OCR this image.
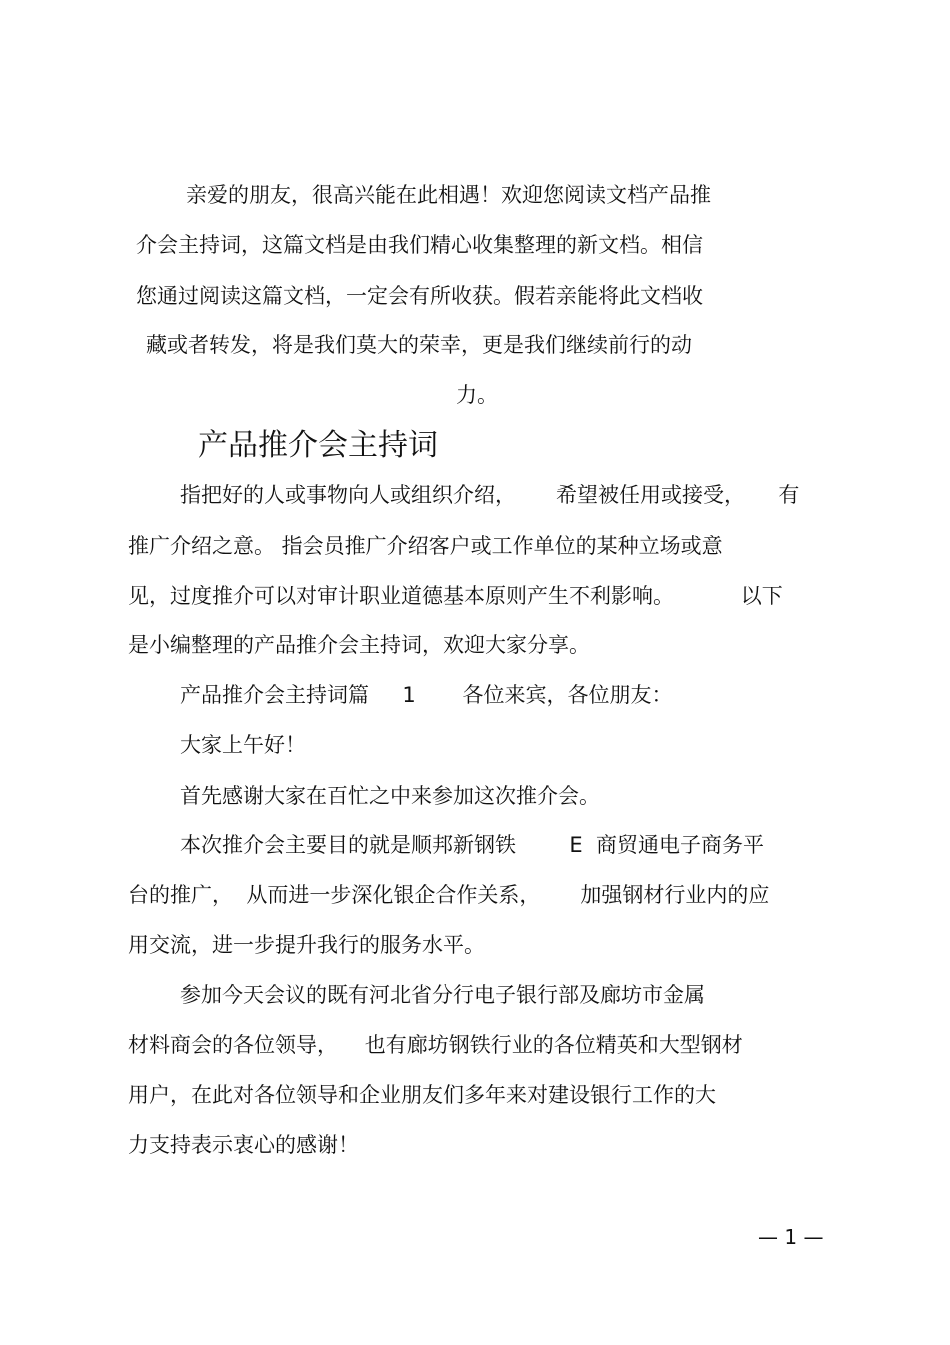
亲爱的朋友，很高兴能在此相遇！欢迎您阅读文档产品推
介会主持词，这篇文档是由我们精心收集整理的新文档。相信
您通过阅读这篇文档，一定会有所收获。假若亲能将此文档收
藏或者转发，将是我们莫大的荣幸，更是我们继续前行的动
力。
产品推介会主持词
指把好的人或事物向人或组织介绍，      希望被任用或接受，     有
推广介绍之意。 指会员推广介绍客户或工作单位的某种立场或意
见，过度推介可以对审计职业道德基本原则产生不利影响。          以下
是小编整理的产品推介会主持词，欢迎大家分享。
产品推介会主持词篇     1       各位来宾，各位朋友：
大家上午好！
首先感谢大家在百忙之中来参加这次推介会。
本次推介会主要目的就是顺邦新钢铁        E  商贸通电子商务平
台的推广，  从而进一步深化银企合作关系，      加强钢材行业内的应
用交流，进一步提升我行的服务水平。
参加今天会议的既有河北省分行电子银行部及廊坊市金属
材料商会的各位领导，    也有廊坊钢铁行业的各位精英和大型钢材
用户，在此对各位领导和企业朋友们多年来对建设银行工作的大
力支持表示衷心的感谢！
— 1 —
